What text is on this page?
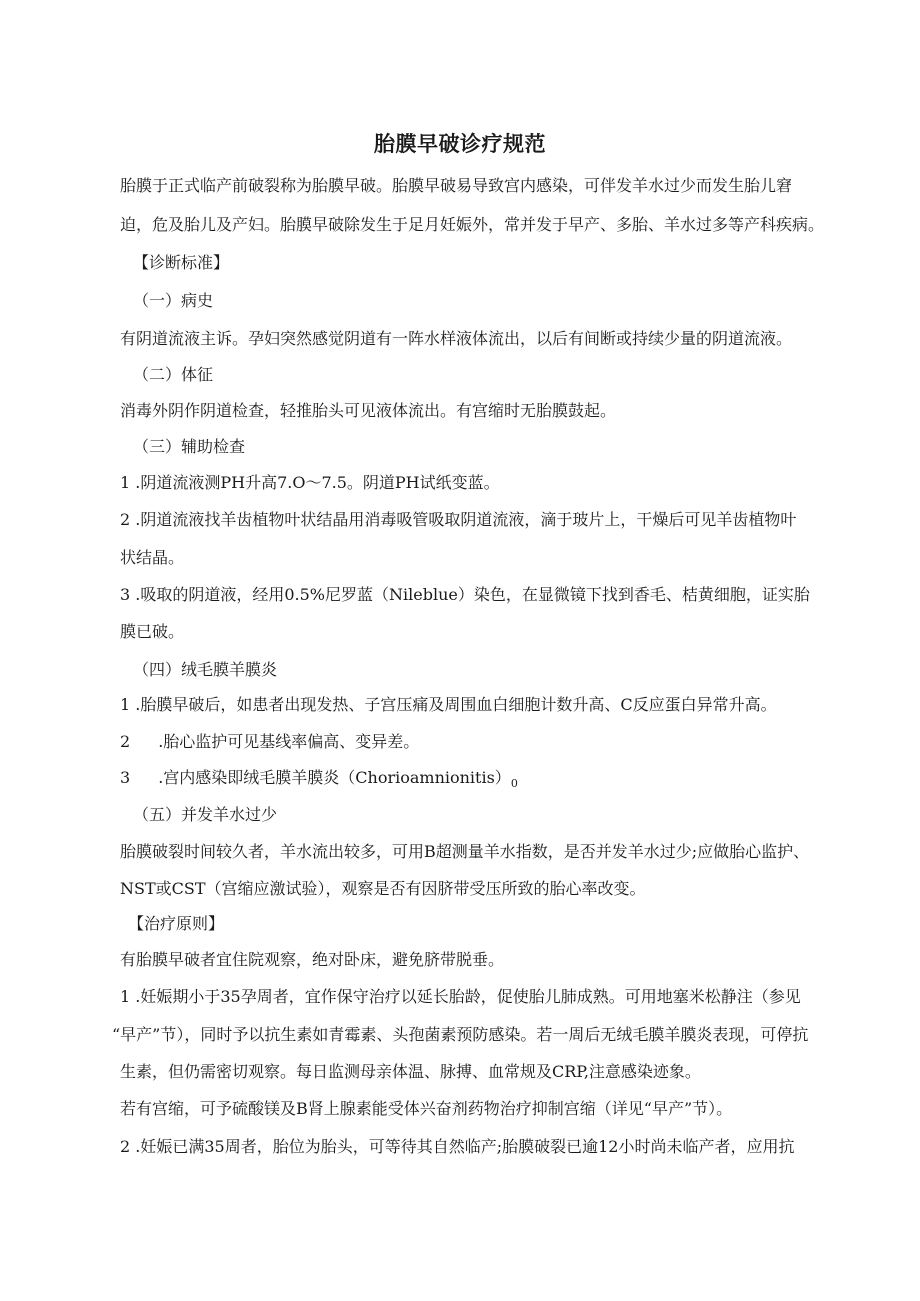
胎膜早破诊疗规范
胎膜于正式临产前破裂称为胎膜早破。胎膜早破易导致宫内感染，可伴发羊水过少而发生胎儿窘
迫，危及胎儿及产妇。胎膜早破除发生于足月妊娠外，常并发于早产、多胎、羊水过多等产科疾病。
【诊断标准】
（一）病史
有阴道流液主诉。孕妇突然感觉阴道有一阵水样液体流出，以后有间断或持续少量的阴道流液。
（二）体征
消毒外阴作阴道检查，轻推胎头可见液体流出。有宫缩时无胎膜鼓起。
（三）辅助检查
1 .阴道流液测PH升高7.O～7.5。阴道PH试纸变蓝。
2 .阴道流液找羊齿植物叶状结晶用消毒吸管吸取阴道流液，滴于玻片上，干燥后可见羊齿植物叶
状结晶。
3 .吸取的阴道液，经用0.5%尼罗蓝（Nileblue）染色，在显微镜下找到香毛、桔黄细胞，证实胎
膜已破。
（四）绒毛膜羊膜炎
1 .胎膜早破后，如患者出现发热、子宫压痛及周围血白细胞计数升高、C反应蛋白异常升高。
2 .胎心监护可见基线率偏高、变异差。
3 .宫内感染即绒毛膜羊膜炎$(Chorioamnionitis)_0$
（五）并发羊水过少
胎膜破裂时间较久者，羊水流出较多，可用B超测量羊水指数，是否并发羊水过少;应做胎心监护、
NST或CST（宫缩应激试验），观察是否有因脐带受压所致的胎心率改变。
【治疗原则】
有胎膜早破者宜住院观察，绝对卧床，避免脐带脱垂。
1 .妊娠期小于35孕周者，宜作保守治疗以延长胎龄，促使胎儿肺成熟。可用地塞米松静注（参见
“早产”节），同时予以抗生素如青霉素、头孢菌素预防感染。若一周后无绒毛膜羊膜炎表现，可停抗
生素，但仍需密切观察。每日监测母亲体温、脉搏、血常规及CRP,注意感染迹象。
若有宫缩，可予硫酸镁及B肾上腺素能受体兴奋剂药物治疗抑制宫缩（详见“早产”节）。
2 .妊娠已满35周者，胎位为胎头，可等待其自然临产;胎膜破裂已逾12小时尚未临产者，应用抗
